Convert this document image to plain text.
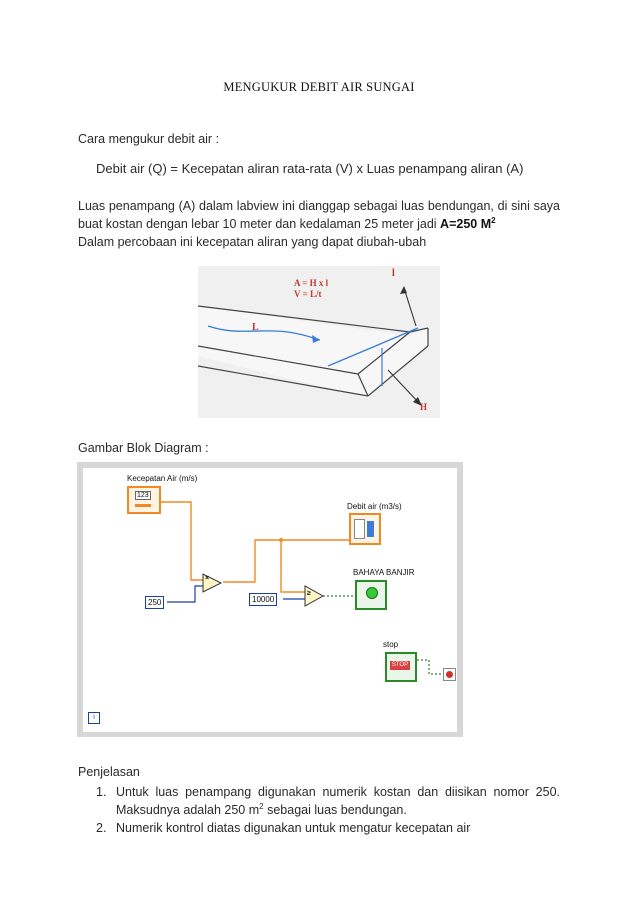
MENGUKUR DEBIT AIR SUNGAI
Cara mengukur debit air :
Debit air (Q) = Kecepatan aliran rata-rata (V) x Luas penampang aliran (A)
Luas penampang (A) dalam labview ini dianggap sebagai luas bendungan, di sini saya
buat kostan dengan lebar 10 meter dan kedalaman 25 meter jadi A=250 $M^2$
Dalam percobaan ini kecepatan aliran yang dapat diubah-ubah
A = H x l
V = L/t
l
L
H
Gambar Blok Diagram :
Kecepatan Air (m/s)
123
Debit air (m3/s)
BAHAYA BANJIR
stop
STOP
250	10000
×
≥
i
Penjelasan
1. Untuk luas penampang digunakan numerik kostan dan diisikan nomor 250.
Maksudnya adalah 250 $m^2$ sebagai luas bendungan.
2. Numerik kontrol diatas digunakan untuk mengatur kecepatan air
